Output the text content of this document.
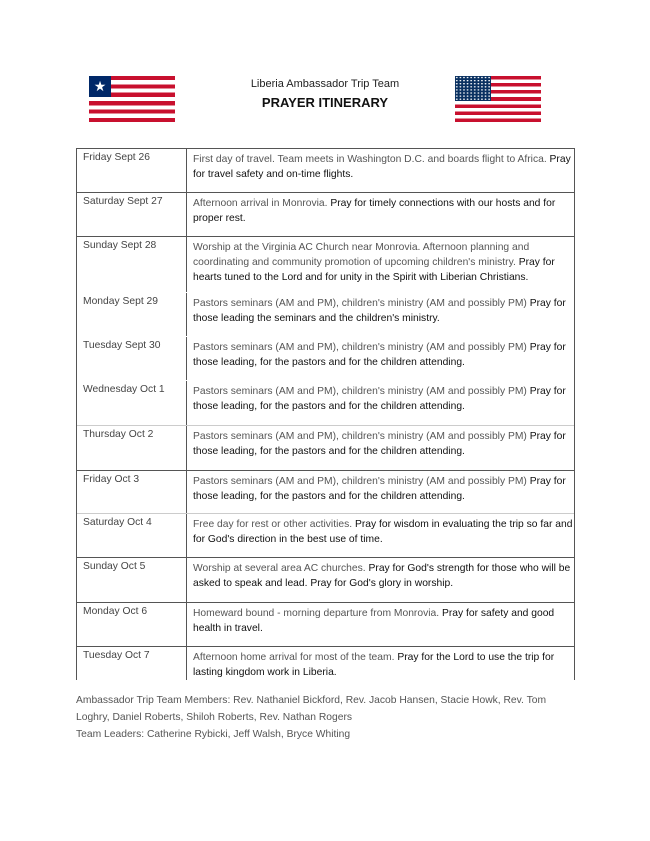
★	Liberia Ambassador Trip Team
PRAYER ITINERARY
Friday Sept 26	First day of travel. Team meets in Washington D.C. and boards flight to Africa. Pray for travel safety and on-time flights.
Saturday Sept 27	Afternoon arrival in Monrovia. Pray for timely connections with our hosts and for proper rest.
Sunday Sept 28	Worship at the Virginia AC Church near Monrovia. Afternoon planning and coordinating and community promotion of upcoming children's ministry. Pray for hearts tuned to the Lord and for unity in the Spirit with Liberian Christians.
Monday Sept 29	Pastors seminars (AM and PM), children's ministry (AM and possibly PM) Pray for those leading the seminars and the children's ministry.
Tuesday Sept 30	Pastors seminars (AM and PM), children's ministry (AM and possibly PM) Pray for those leading, for the pastors and for the children attending.
Wednesday Oct 1	Pastors seminars (AM and PM), children's ministry (AM and possibly PM) Pray for those leading, for the pastors and for the children attending.
Thursday Oct 2	Pastors seminars (AM and PM), children's ministry (AM and possibly PM) Pray for those leading, for the pastors and for the children attending.
Friday Oct 3	Pastors seminars (AM and PM), children's ministry (AM and possibly PM) Pray for those leading, for the pastors and for the children attending.
Saturday Oct 4	Free day for rest or other activities. Pray for wisdom in evaluating the trip so far and for God's direction in the best use of time.
Sunday Oct 5	Worship at several area AC churches. Pray for God's strength for those who will be asked to speak and lead. Pray for God's glory in worship.
Monday Oct 6	Homeward bound - morning departure from Monrovia. Pray for safety and good health in travel.
Tuesday Oct 7	Afternoon home arrival for most of the team. Pray for the Lord to use the trip for lasting kingdom work in Liberia.
Ambassador Trip Team Members: Rev. Nathaniel Bickford, Rev. Jacob Hansen, Stacie Howk, Rev. Tom Loghry, Daniel Roberts, Shiloh Roberts, Rev. Nathan Rogers
Team Leaders: Catherine Rybicki, Jeff Walsh, Bryce Whiting
